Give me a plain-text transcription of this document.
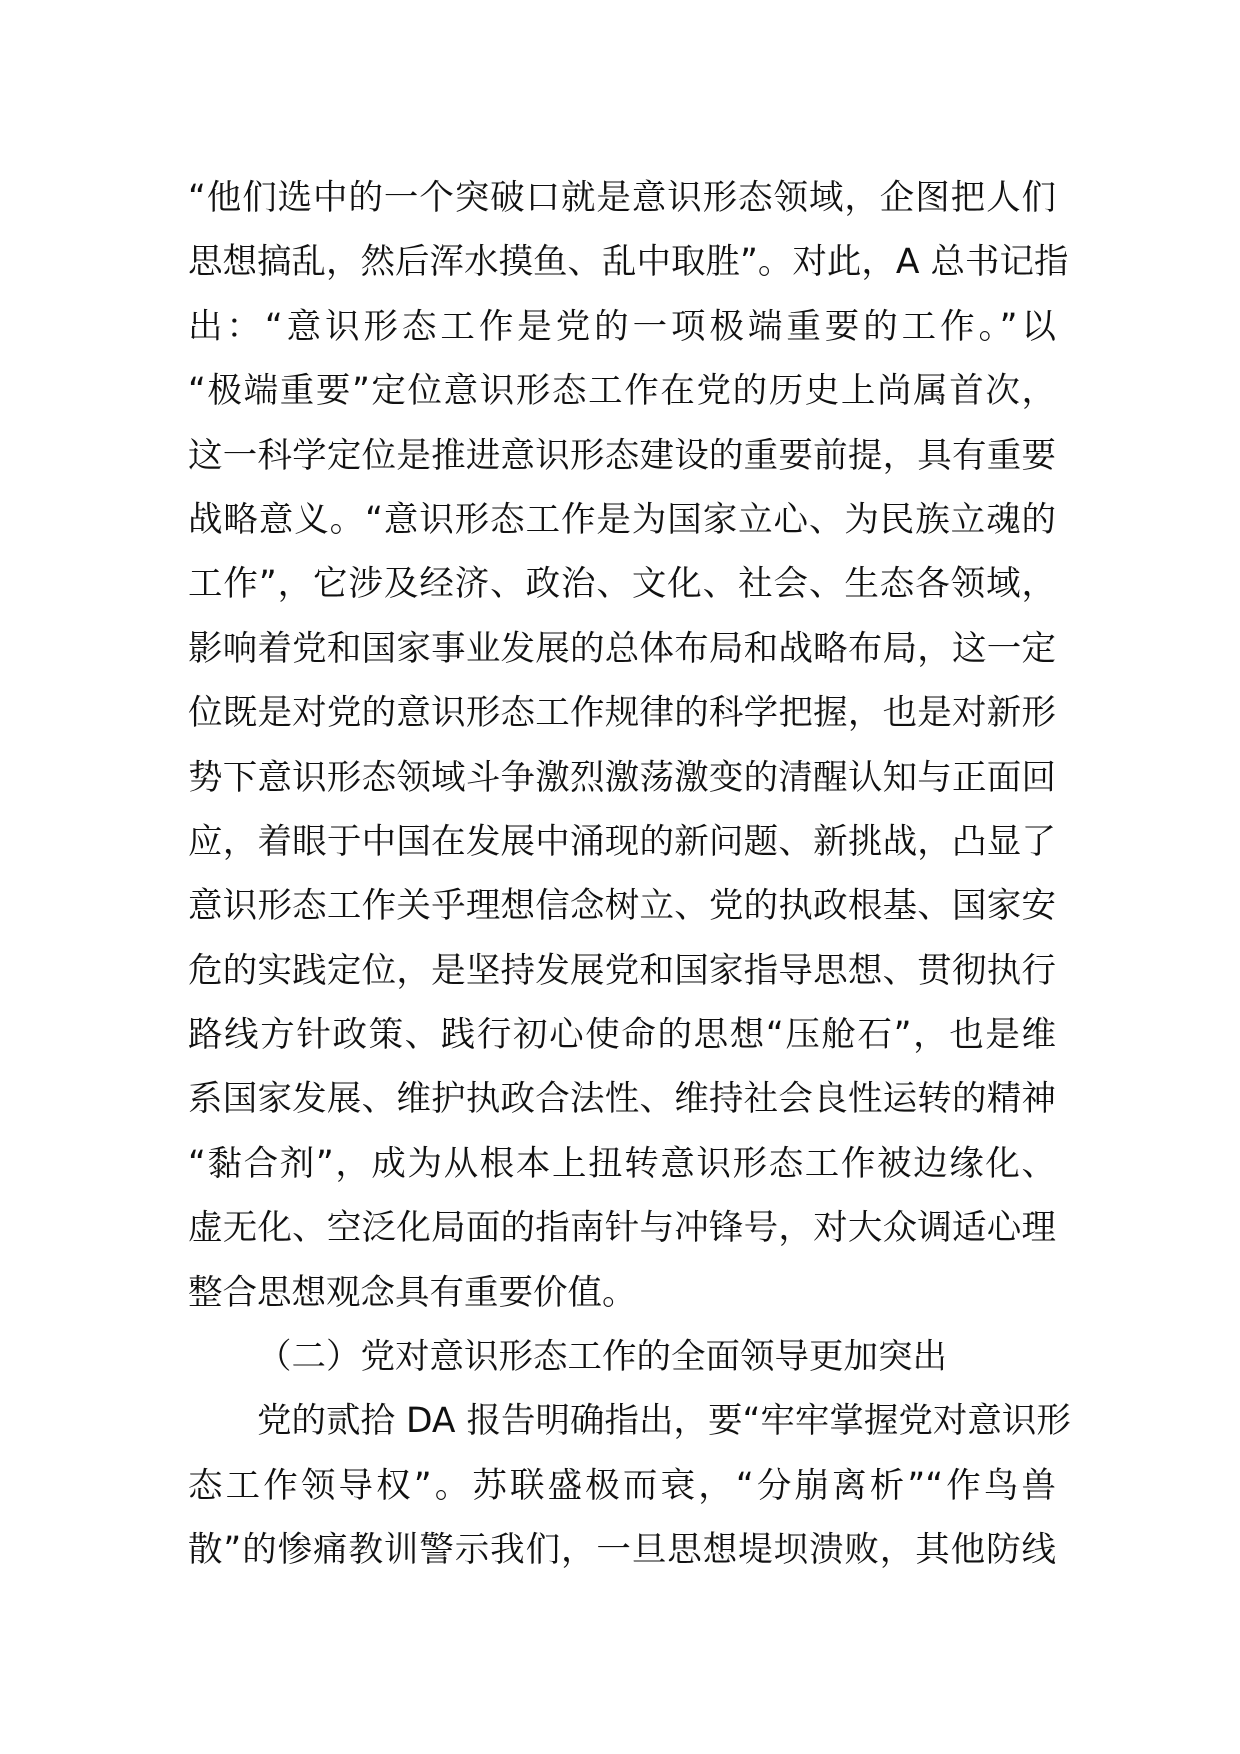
“他们选中的一个突破口就是意识形态领域，企图把人们
思想搞乱，然后浑水摸鱼、乱中取胜”。对此，A 总书记指
出：“意识形态工作是党的一项极端重要的工作。”以
“极端重要”定位意识形态工作在党的历史上尚属首次，
这一科学定位是推进意识形态建设的重要前提，具有重要
战略意义。“意识形态工作是为国家立心、为民族立魂的
工作”，它涉及经济、政治、文化、社会、生态各领域，
影响着党和国家事业发展的总体布局和战略布局，这一定
位既是对党的意识形态工作规律的科学把握，也是对新形
势下意识形态领域斗争激烈激荡激变的清醒认知与正面回
应，着眼于中国在发展中涌现的新问题、新挑战，凸显了
意识形态工作关乎理想信念树立、党的执政根基、国家安
危的实践定位，是坚持发展党和国家指导思想、贯彻执行
路线方针政策、践行初心使命的思想“压舱石”，也是维
系国家发展、维护执政合法性、维持社会良性运转的精神
“黏合剂”，成为从根本上扭转意识形态工作被边缘化、
虚无化、空泛化局面的指南针与冲锋号，对大众调适心理
整合思想观念具有重要价值。
（二）党对意识形态工作的全面领导更加突出
党的贰拾 DA 报告明确指出，要“牢牢掌握党对意识形
态工作领导权”。苏联盛极而衰，“分崩离析”“作鸟兽
散”的惨痛教训警示我们，一旦思想堤坝溃败，其他防线
